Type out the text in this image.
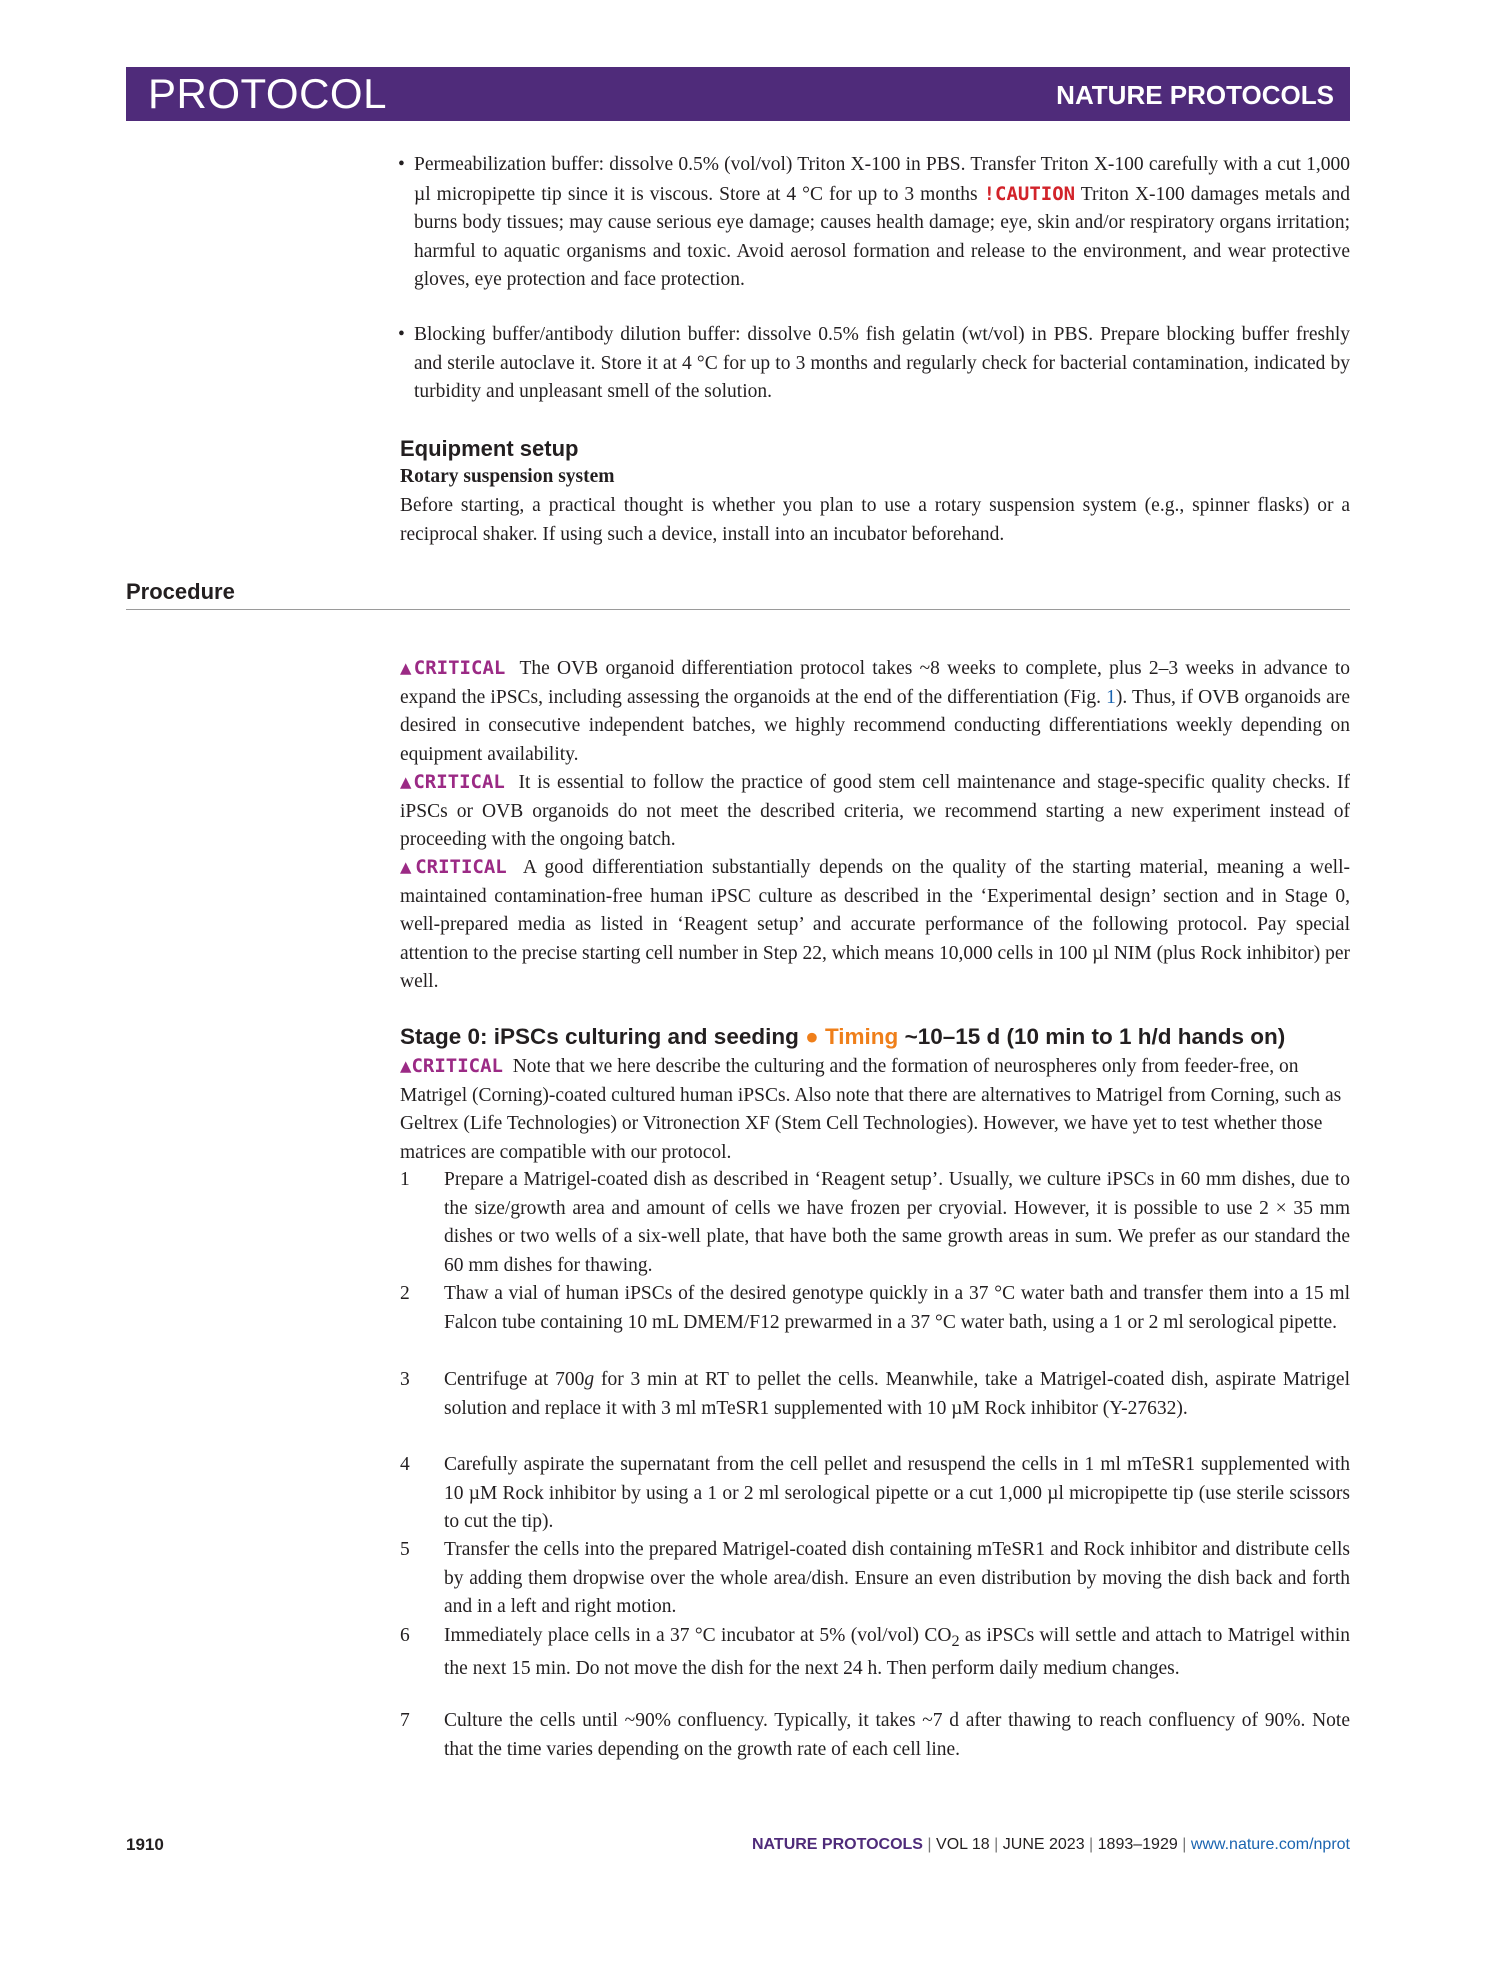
PROTOCOL	NATURE PROTOCOLS
• Permeabilization buffer: dissolve 0.5% (vol/vol) Triton X-100 in PBS. Transfer Triton X-100 carefully with a cut 1,000 µl micropipette tip since it is viscous. Store at 4 °C for up to 3 months !CAUTION Triton X-100 damages metals and burns body tissues; may cause serious eye damage; causes health damage; eye, skin and/or respiratory organs irritation; harmful to aquatic organisms and toxic. Avoid aerosol formation and release to the environment, and wear protective gloves, eye protection and face protection.
• Blocking buffer/antibody dilution buffer: dissolve 0.5% fish gelatin (wt/vol) in PBS. Prepare blocking buffer freshly and sterile autoclave it. Store it at 4 °C for up to 3 months and regularly check for bacterial contamination, indicated by turbidity and unpleasant smell of the solution.
Equipment setup
Rotary suspension system
Before starting, a practical thought is whether you plan to use a rotary suspension system (e.g., spinner flasks) or a reciprocal shaker. If using such a device, install into an incubator beforehand.
Procedure
▲CRITICAL The OVB organoid differentiation protocol takes ~8 weeks to complete, plus 2–3 weeks in advance to expand the iPSCs, including assessing the organoids at the end of the differentiation (Fig. 1). Thus, if OVB organoids are desired in consecutive independent batches, we highly recommend conducting differentiations weekly depending on equipment availability.
▲CRITICAL It is essential to follow the practice of good stem cell maintenance and stage-specific quality checks. If iPSCs or OVB organoids do not meet the described criteria, we recommend starting a new experiment instead of proceeding with the ongoing batch.
▲CRITICAL A good differentiation substantially depends on the quality of the starting material, meaning a well-maintained contamination-free human iPSC culture as described in the ‘Experimental design’ section and in Stage 0, well-prepared media as listed in ‘Reagent setup’ and accurate performance of the following protocol. Pay special attention to the precise starting cell number in Step 22, which means 10,000 cells in 100 µl NIM (plus Rock inhibitor) per well.
Stage 0: iPSCs culturing and seeding ● Timing ~10–15 d (10 min to 1 h/d hands on)
▲CRITICAL Note that we here describe the culturing and the formation of neurospheres only from feeder-free, on Matrigel (Corning)-coated cultured human iPSCs. Also note that there are alternatives to Matrigel from Corning, such as Geltrex (Life Technologies) or Vitronection XF (Stem Cell Technologies). However, we have yet to test whether those matrices are compatible with our protocol.
1 Prepare a Matrigel-coated dish as described in ‘Reagent setup’. Usually, we culture iPSCs in 60 mm dishes, due to the size/growth area and amount of cells we have frozen per cryovial. However, it is possible to use 2 × 35 mm dishes or two wells of a six-well plate, that have both the same growth areas in sum. We prefer as our standard the 60 mm dishes for thawing.
2 Thaw a vial of human iPSCs of the desired genotype quickly in a 37 °C water bath and transfer them into a 15 ml Falcon tube containing 10 mL DMEM/F12 prewarmed in a 37 °C water bath, using a 1 or 2 ml serological pipette.
3 Centrifuge at 700g for 3 min at RT to pellet the cells. Meanwhile, take a Matrigel-coated dish, aspirate Matrigel solution and replace it with 3 ml mTeSR1 supplemented with 10 µM Rock inhibitor (Y-27632).
4 Carefully aspirate the supernatant from the cell pellet and resuspend the cells in 1 ml mTeSR1 supplemented with 10 µM Rock inhibitor by using a 1 or 2 ml serological pipette or a cut 1,000 µl micropipette tip (use sterile scissors to cut the tip).
5 Transfer the cells into the prepared Matrigel-coated dish containing mTeSR1 and Rock inhibitor and distribute cells by adding them dropwise over the whole area/dish. Ensure an even distribution by moving the dish back and forth and in a left and right motion.
6 Immediately place cells in a 37 °C incubator at 5% (vol/vol) $CO_2$ as iPSCs will settle and attach to Matrigel within the next 15 min. Do not move the dish for the next 24 h. Then perform daily medium changes.
7 Culture the cells until ~90% confluency. Typically, it takes ~7 d after thawing to reach confluency of 90%. Note that the time varies depending on the growth rate of each cell line.
1910	NATURE PROTOCOLS | VOL 18 | JUNE 2023 | 1893–1929 | www.nature.com/nprot
